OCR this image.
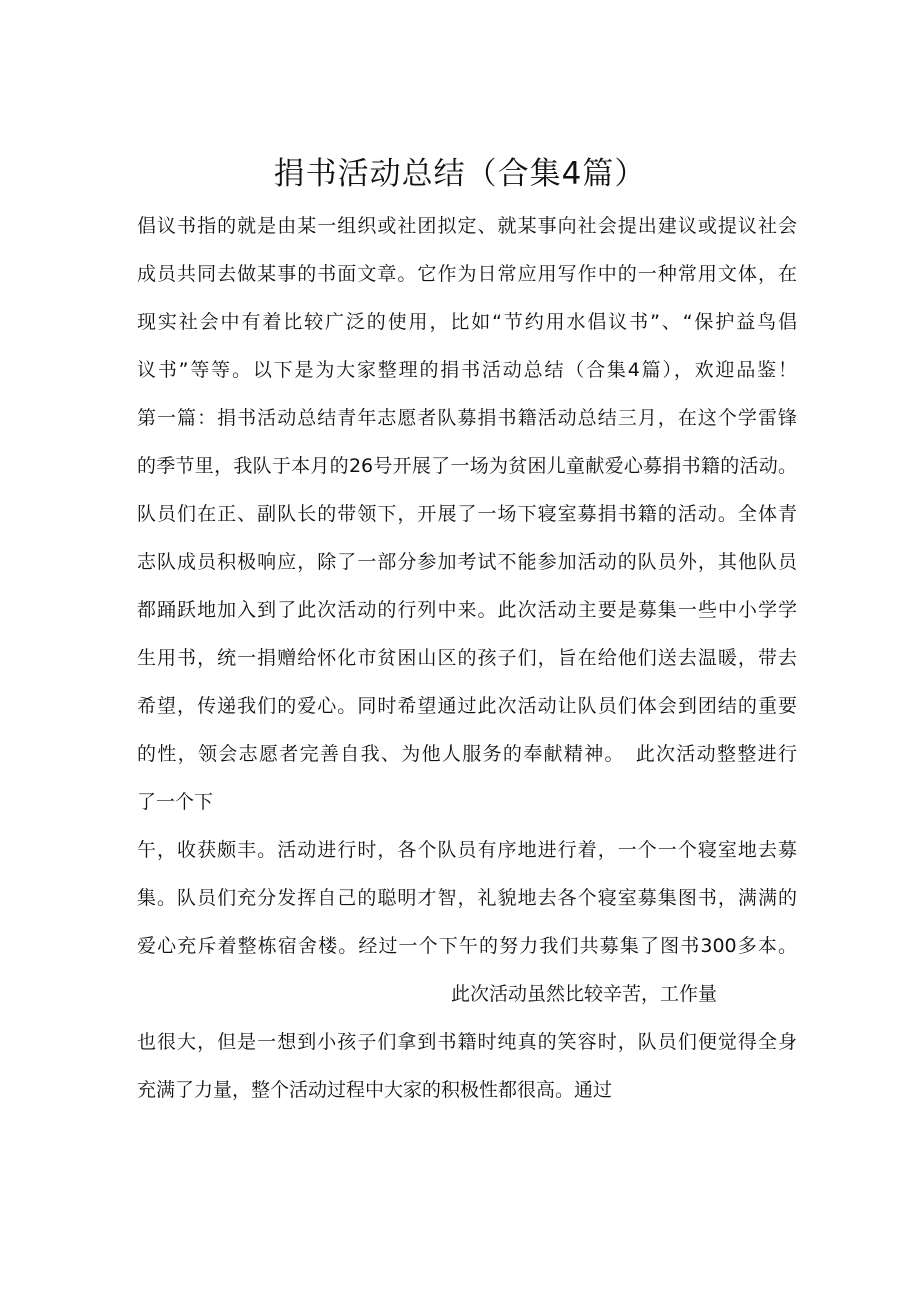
捐书活动总结（合集4篇）
倡议书指的就是由某一组织或社团拟定、就某事向社会提出建议或提议社会
成员共同去做某事的书面文章。它作为日常应用写作中的一种常用文体，在
现实社会中有着比较广泛的使用，比如“节约用水倡议书”、“保护益鸟倡
议书”等等。以下是为大家整理的捐书活动总结（合集4篇），欢迎品鉴！
第一篇：捐书活动总结青年志愿者队募捐书籍活动总结三月，在这个学雷锋
的季节里，我队于本月的26号开展了一场为贫困儿童献爱心募捐书籍的活动。
队员们在正、副队长的带领下，开展了一场下寝室募捐书籍的活动。全体青
志队成员积极响应，除了一部分参加考试不能参加活动的队员外，其他队员
都踊跃地加入到了此次活动的行列中来。此次活动主要是募集一些中小学学
生用书，统一捐赠给怀化市贫困山区的孩子们，旨在给他们送去温暖，带去
希望，传递我们的爱心。同时希望通过此次活动让队员们体会到团结的重要
的性，领会志愿者完善自我、为他人服务的奉献精神。　此次活动整整进行
了一个下
午，收获颇丰。活动进行时，各个队员有序地进行着，一个一个寝室地去募
集。队员们充分发挥自己的聪明才智，礼貌地去各个寝室募集图书，满满的
爱心充斥着整栋宿舍楼。经过一个下午的努力我们共募集了图书300多本。
此次活动虽然比较辛苦，工作量
也很大，但是一想到小孩子们拿到书籍时纯真的笑容时，队员们便觉得全身
充满了力量，整个活动过程中大家的积极性都很高。通过
